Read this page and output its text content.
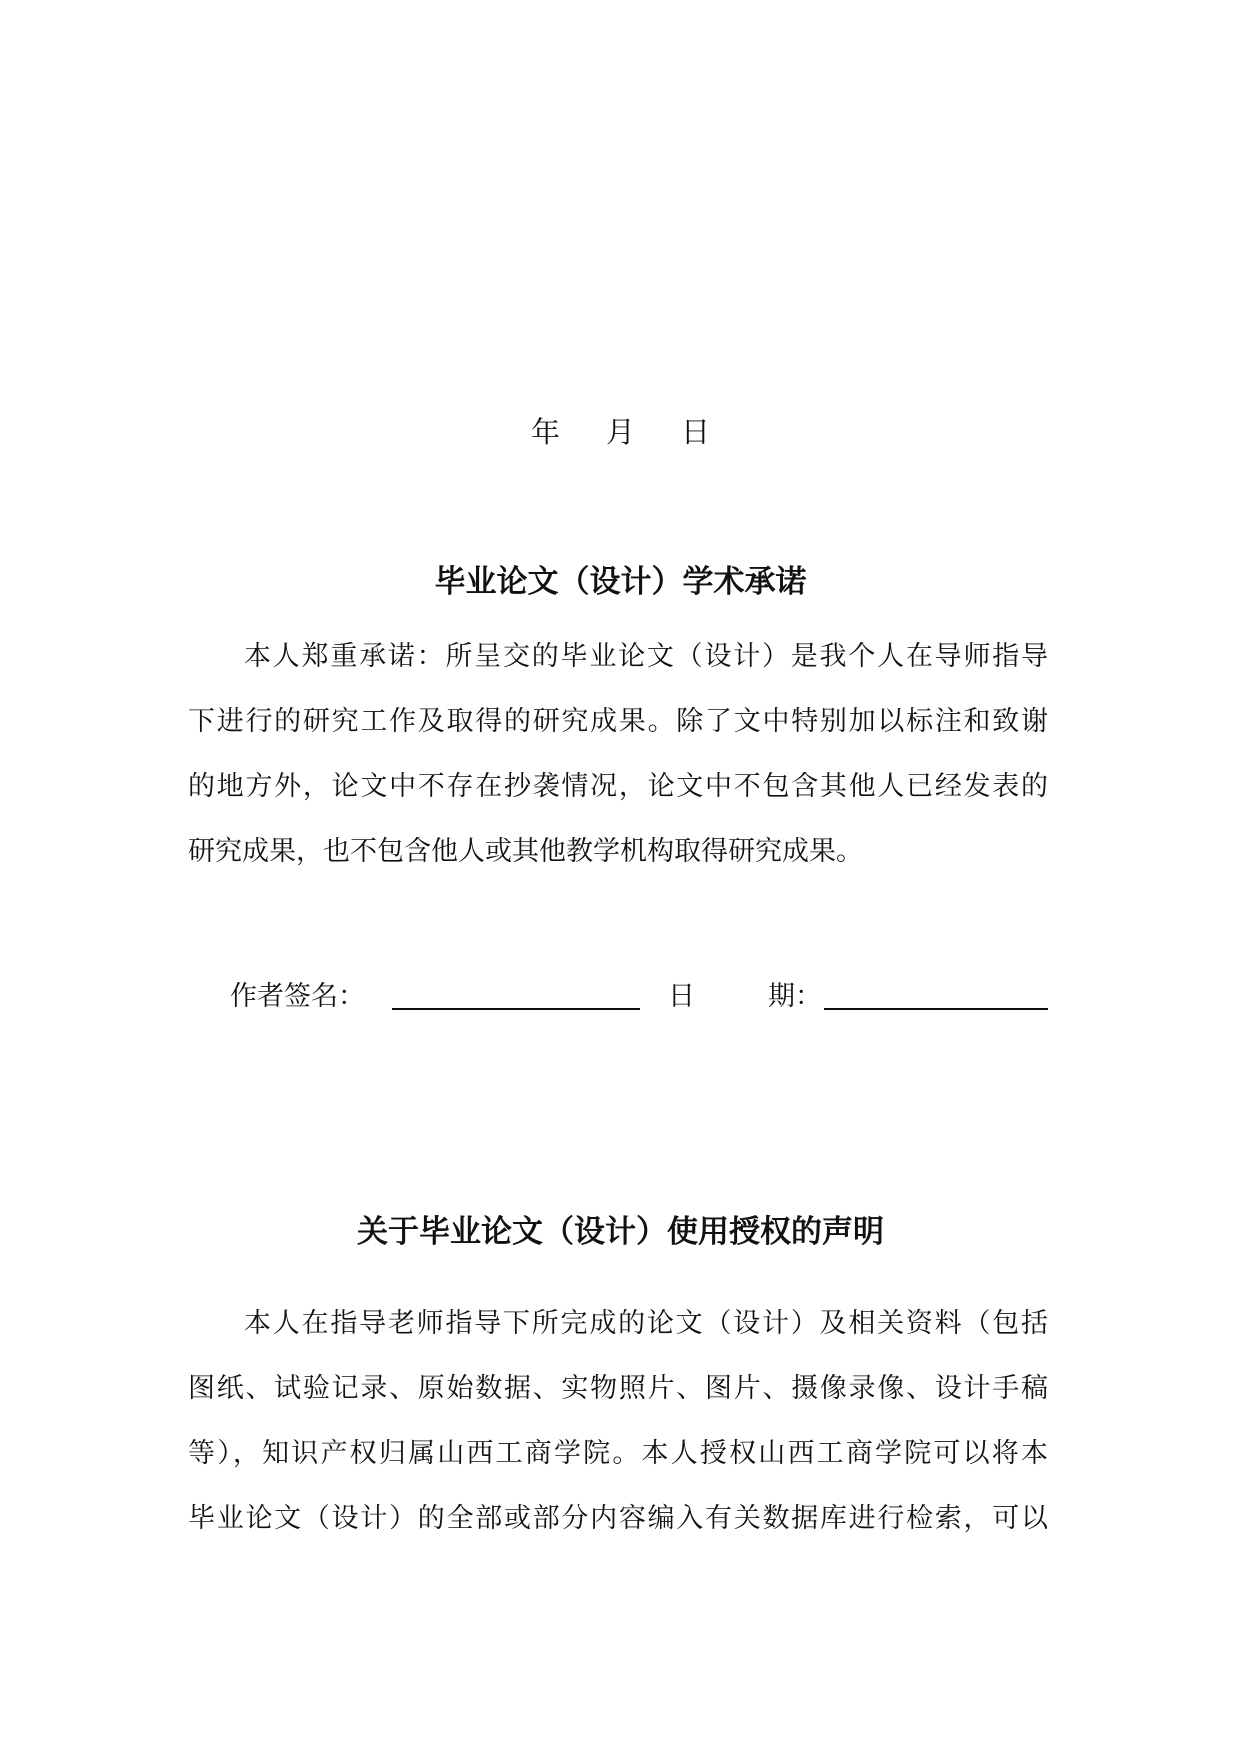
年 月 日
毕业论文（设计）学术承诺
本人郑重承诺：所呈交的毕业论文（设计）是我个人在导师指导
下进行的研究工作及取得的研究成果。除了文中特别加以标注和致谢
的地方外，论文中不存在抄袭情况，论文中不包含其他人已经发表的
研究成果，也不包含他人或其他教学机构取得研究成果。
作者签名：	日	期：
关于毕业论文（设计）使用授权的声明
本人在指导老师指导下所完成的论文（设计）及相关资料（包括
图纸、试验记录、原始数据、实物照片、图片、摄像录像、设计手稿
等），知识产权归属山西工商学院。本人授权山西工商学院可以将本
毕业论文（设计）的全部或部分内容编入有关数据库进行检索，可以
